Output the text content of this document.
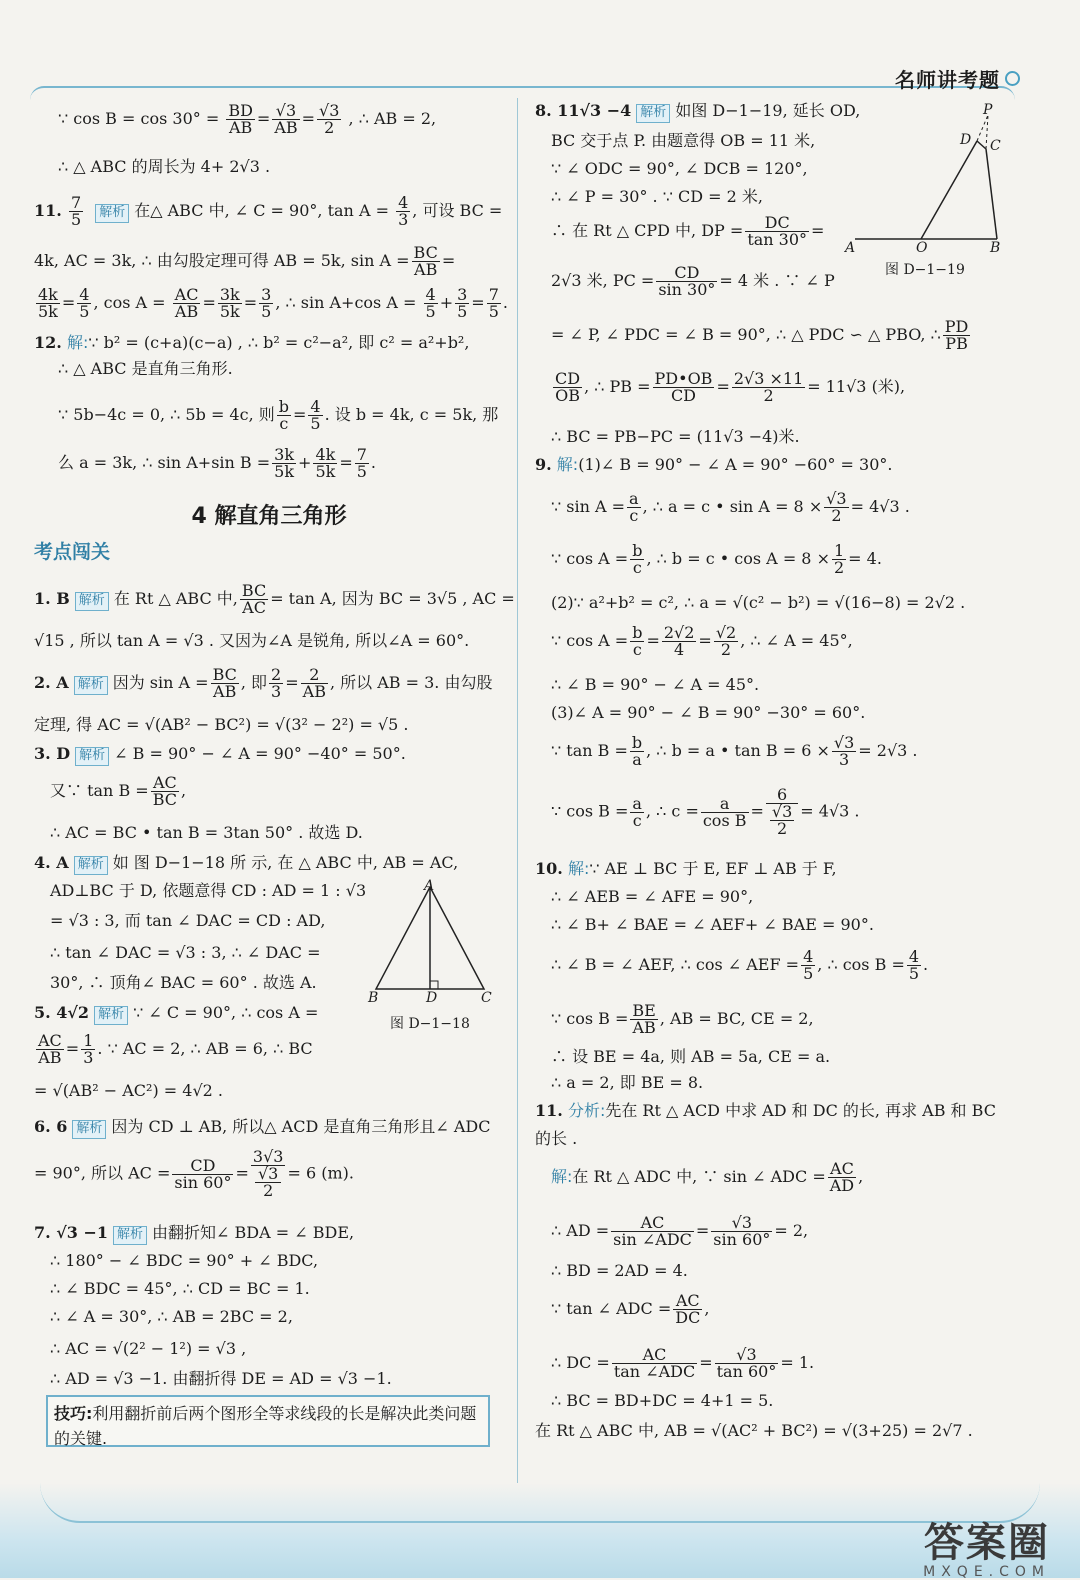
名师讲考题
∵ $\cos B = \cos 30^\circ = \frac{BD}{AB} = \frac{√3}{AB} = \frac{√3}{2}$ , ∴ AB = 2,
∴ △ ABC 的周长为 4+ 2√3 .
11. $\frac{7}{5}$ 解析 在△ ABC 中, ∠ C = 90°, $\tan A = \frac{4}{3}$ , 可设 BC =
4k, AC = 3k, ∴ 由勾股定理可得 AB = 5k, $\sin A = \frac{BC}{AB}$ =
$\frac{4k}{5k} = \frac{4}{5}$ , $\cos A = \frac{AC}{AB} = \frac{3k}{5k} = \frac{3}{5}$ , ∴ sin A+cos $A = \frac{4}{5} + \frac{3}{5} = \frac{7}{5}$ .
12. 解:∵ b² = (c+a)(c−a) , ∴ b² = c²−a², 即 c² = a²+b²,
∴ △ ABC 是直角三角形.
∵ 5b−4c = 0, ∴ 5b = 4c, 则 $\frac{b}{c} = \frac{4}{5}$ . 设 b = 4k, c = 5k, 那
么 a = 3k, ∴ sin A+sin $B = \frac{3k}{5k} + \frac{4k}{5k} = \frac{7}{5}$ .
4 解直角三角形
考点闯关
1. B 解析 在 Rt △ ABC 中, $\frac{BC}{AC} = \tan A$, 因为 BC = 3√5 , AC =
√15 , 所以 tan A = √3 . 又因为∠A 是锐角, 所以∠A = 60°.
2. A 解析 因为 $\sin A = \frac{BC}{AB}$ , 即 $\frac{2}{3} = \frac{2}{AB}$ , 所以 AB = 3. 由勾股
定理, 得 AC = √(AB² − BC²) = √(3² − 2²) = √5 .
3. D 解析 ∠ B = 90° − ∠ A = 90° −40° = 50°.
又∵ $\tan B = \frac{AC}{BC}$ ,
∴ AC = BC • tan B = 3tan 50° . 故选 D.
4. A 解析 如 图 D−1−18 所 示, 在 △ ABC 中, AB = AC,
AD⊥BC 于 D, 依题意得 CD : AD = 1 : √3
= √3 : 3, 而 tan ∠ DAC = CD : AD,
∴ tan ∠ DAC = √3 : 3, ∴ ∠ DAC =
30°, ∴ 顶角∠ BAC = 60° . 故选 A.
A
B	D	C
图 D−1−18
5. 4√2 解析 ∵ ∠ C = 90°, ∴ cos A =
$\frac{AC}{AB} = \frac{1}{3}$ . ∵ AC = 2, ∴ AB = 6, ∴ BC
= √(AB² − AC²) = 4√2 .
6. 6 解析 因为 CD ⊥ AB, 所以△ ACD 是直角三角形且∠ ADC
= 90°, 所以 AC = $\frac{CD}{\sin 60^\circ} = 3√3$
√3
2 = 6 (m).
7. √3 −1 解析 由翻折知∠ BDA = ∠ BDE,
∴ 180° − ∠ BDC = 90° + ∠ BDC,
∴ ∠ BDC = 45°, ∴ CD = BC = 1.
∴ ∠ A = 30°, ∴ AB = 2BC = 2,
∴ AC = √(2² − 1²) = √3 ,
∴ AD = √3 −1. 由翻折得 DE = AD = √3 −1.
技巧:利用翻折前后两个图形全等求线段的长是解决此类问题的关键.
8. 11√3 −4 解析 如图 D−1−19, 延长 OD,
BC 交于点 P. 由题意得 OB = 11 米,
∵ ∠ ODC = 90°, ∠ DCB = 120°,
∴ ∠ P = 30° . ∵ CD = 2 米,
∴ 在 Rt △ CPD 中, DP = $\frac{DC}{\tan 30^\circ}$ =
P
D C
A	O	B
图 D−1−19
2√3 米, PC = $\frac{CD}{\sin 30^\circ} = 4$ 米 . ∵ ∠ P
= ∠ P, ∠ PDC = ∠ B = 90°, ∴ △ PDC ∽ △ PBO, ∴ $\frac{PD}{PB}$
$\frac{CD}{OB}$ , ∴ PB = $\frac{PD•OB}{CD} = \frac{2√3 \times 11}{2} = 11√3$ (米),
∴ BC = PB−PC = (11√3 −4)米.
9. 解:(1)∠ B = 90° − ∠ A = 90° −60° = 30°.
∵ $\sin A = \frac{a}{c}$ , ∴ a = c • $\sin A = 8 \times \frac{√3}{2} = 4√3$ .
∵ $\cos A = \frac{b}{c}$ , ∴ b = c • $\cos A = 8 \times \frac{1}{2} = 4$.
(2)∵ a²+b² = c², ∴ a = √(c² − b²) = √(16−8) = 2√2 .
∵ $\cos A = \frac{b}{c} = \frac{2√2}{4} = \frac{√2}{2}$ , ∴ ∠ A = 45°,
∴ ∠ B = 90° − ∠ A = 45°.
(3)∠ A = 90° − ∠ B = 90° −30° = 60°.
∵ $\tan B = \frac{b}{a}$ , ∴ b = a • $\tan B = 6 \times \frac{√3}{3} = 2√3$ .
∵ $\cos B = \frac{a}{c}$ , ∴ $c = \frac{a}{\text{cos B}} = 6$
√3
2 = 4√3 .
10. 解:∵ AE ⊥ BC 于 E, EF ⊥ AB 于 F,
∴ ∠ AEB = ∠ AFE = 90°,
∴ ∠ B+ ∠ BAE = ∠ AEF+ ∠ BAE = 90°.
∴ ∠ B = ∠ AEF, ∴ cos ∠ AEF = $\frac{4}{5}$ , ∴ $\cos B = \frac{4}{5}$ .
∵ $\cos B = \frac{BE}{AB}$ , AB = BC, CE = 2,
∴ 设 BE = 4a, 则 AB = 5a, CE = a.
∴ a = 2, 即 BE = 8.
11. 分析:先在 Rt △ ACD 中求 AD 和 DC 的长, 再求 AB 和 BC
的长 .
解:在 Rt △ ADC 中, ∵ sin ∠ ADC = $\frac{AC}{AD}$ ,
∴ AD = $\frac{AC}{\text{sin ∠ADC}} = \frac{√3}{\sin 60^\circ} = 2$,
∴ BD = 2AD = 4.
∵ tan ∠ ADC = $\frac{AC}{DC}$ ,
∴ DC = $\frac{AC}{\text{tan ∠ADC}} = \frac{√3}{\tan 60^\circ} = 1$.
∴ BC = BD+DC = 4+1 = 5.
在 Rt △ ABC 中, AB = √(AC² + BC²) = √(3+25) = 2√7 .
答案圈
MXQE.COM
